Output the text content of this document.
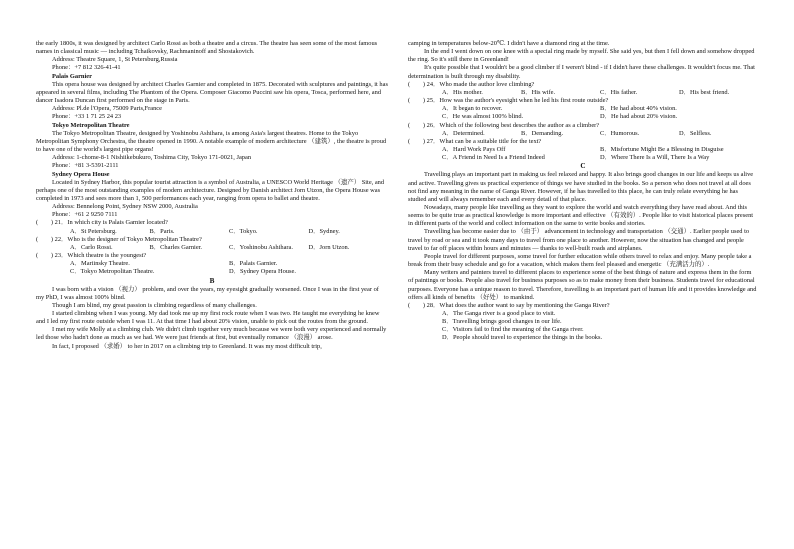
the early 1800s, it was designed by architect Carlo Rossi as both a theatre and a circus. The theatre has seen some of the most famous names in classical music — including Tchaikovsky, Rachmaninoff and Shostakovich.

Address: Theatre Square, 1, St Petersburg,Russia

Phone：+7 812 326-41-41

Palais Garnier

This opera house was designed by architect Charles Garnier and completed in 1875. Decorated with sculptures and paintings, it has appeared in several films, including The Phantom of the Opera. Composer Giacomo Puccini saw his opera, Tosca, performed here, and dancer Isadora Duncan first performed on the stage in Paris.

Address: Pl.de l'Opera, 75009 Paris,France

Phone：+33 1 71 25 24 23

Tokyo Metropolitan Theatre

The Tokyo Metropolitan Theatre, designed by Yoshinobu Ashihara, is among Asia's largest theatres. Home to the Tokyo Metropolitan Symphony Orchestra, the theatre opened in 1990. A notable example of modern architecture （建筑）, the theatre is proud to have one of the world's largest pipe organs!

Address: 1-chome-8-1 Nishiikebukuro, Toshima City, Tokyo 171-0021, Japan

Phone：+81 3-5391-2111

Sydney Opera House

Located in Sydney Harbor, this popular tourist attraction is a symbol of Australia, a UNESCO World Heritage （遗产） Site, and perhaps one of the most outstanding examples of modern architecture. Designed by Danish architect Jorn Utzon, the Opera House was completed in 1973 and sees more than 1, 500 performances each year, ranging from opera to ballet and theatre.

Address: Bennelong Point, Sydney NSW 2000, Australia

Phone：+61 2 9250 7111

(　　) 21．In which city is Palais Garnier located?

A．St Petersburg.	B．Paris.	C．Tokyo.	D．Sydney.

(　　) 22．Who is the designer of Tokyo Metropolitan Theatre?

A．Carlo Rossi.	B．Charles Garnier.	C．Yoshinobu Ashihara.	D．Jorn Utzon.

(　　) 23．Which theatre is the youngest?

A．Mariinsky Theatre.	B．Palais Garnier.
C．Tokyo Metropolitan Theatre.	D．Sydney Opera House.

B

I was born with a vision （视力） problem, and over the years, my eyesight gradually worsened. Once I was in the first year of my PhD, I was almost 100% blind.

Though I am blind, my great passion is climbing regardless of many challenges.

I started climbing when I was young. My dad took me up my first rock route when I was two. He taught me everything he knew and I led my first route outside when I was 11. At that time I had about 20% vision, unable to pick out the routes from the ground.

I met my wife Molly at a climbing club. We didn't climb together very much because we were both very experienced and normally led those who hadn't done as much as we had. We were just friends at first, but eventually romance （浪漫） arose.

In fact, I proposed （求婚） to her in 2017 on a climbing trip to Greenland. It was my most difficult trip,

camping in temperatures below-20℃. I didn't have a diamond ring at the time.

In the end I went down on one knee with a special ring made by myself. She said yes, but then I fell down and somehow dropped the ring. So it's still there in Greenland!

It's quite possible that I wouldn't be a good climber if I weren't blind - if I didn't have these challenges. It wouldn't focus me. That determination is built through my disability.

(　　) 24．Who made the author love climbing?

A．His mother.	B．His wife.	C．His father.	D．His best friend.

(　　) 25．How was the author's eyesight when he led his first route outside?

A．It began to recover.	B．He had about 40% vision.
C．He was almost 100% blind.	D．He had about 20% vision.

(　　) 26．Which of the following best describes the author as a climber?

A．Determined.	B．Demanding.	C．Humorous.	D．Selfless.

(　　) 27．What can be a suitable title for the text?

A．Hard Work Pays Off	B．Misfortune Might Be a Blessing in Disguise
C．A Friend in Need Is a Friend Indeed	D．Where There Is a Will, There Is a Way

C

Travelling plays an important part in making us feel relaxed and happy. It also brings good changes in our life and keeps us alive and active. Travelling gives us practical experience of things we have studied in the books. So a person who does not travel at all does not find any meaning in the name of Ganga River. However, if he has travelled to this place, he can truly relate everything he has studied and will always remember each and every detail of that place.

Nowadays, many people like travelling as they want to explore the world and watch everything they have read about. And this seems to be quite true as practical knowledge is more important and effective （有效的）. People like to visit historical places present in different parts of the world and collect information on the same to write books and stories.

Travelling has become easier due to （由于） advancement in technology and transportation （交通）. Earlier people used to travel by road or sea and it took many days to travel from one place to another. However, now the situation has changed and people travel to far off places within hours and minutes — thanks to well-built roads and airplanes.

People travel for different purposes, some travel for further education while others travel to relax and enjoy. Many people take a break from their busy schedule and go for a vacation, which makes them feel pleased and energetic （充满活力的）.

Many writers and painters travel to different places to experience some of the best things of nature and express them in the form of paintings or books. People also travel for business purposes so as to make money from their business. Students travel for educational purposes. Everyone has a unique reason to travel. Therefore, travelling is an important part of human life and it provides knowledge and offers all kinds of benefits （好处） to mankind.

(　　) 28．What does the author want to say by mentioning the Ganga River?

A．The Ganga river is a good place to visit.

B．Travelling brings good changes in our life.

C．Visitors fail to find the meaning of the Ganga river.

D．People should travel to experience the things in the books.
